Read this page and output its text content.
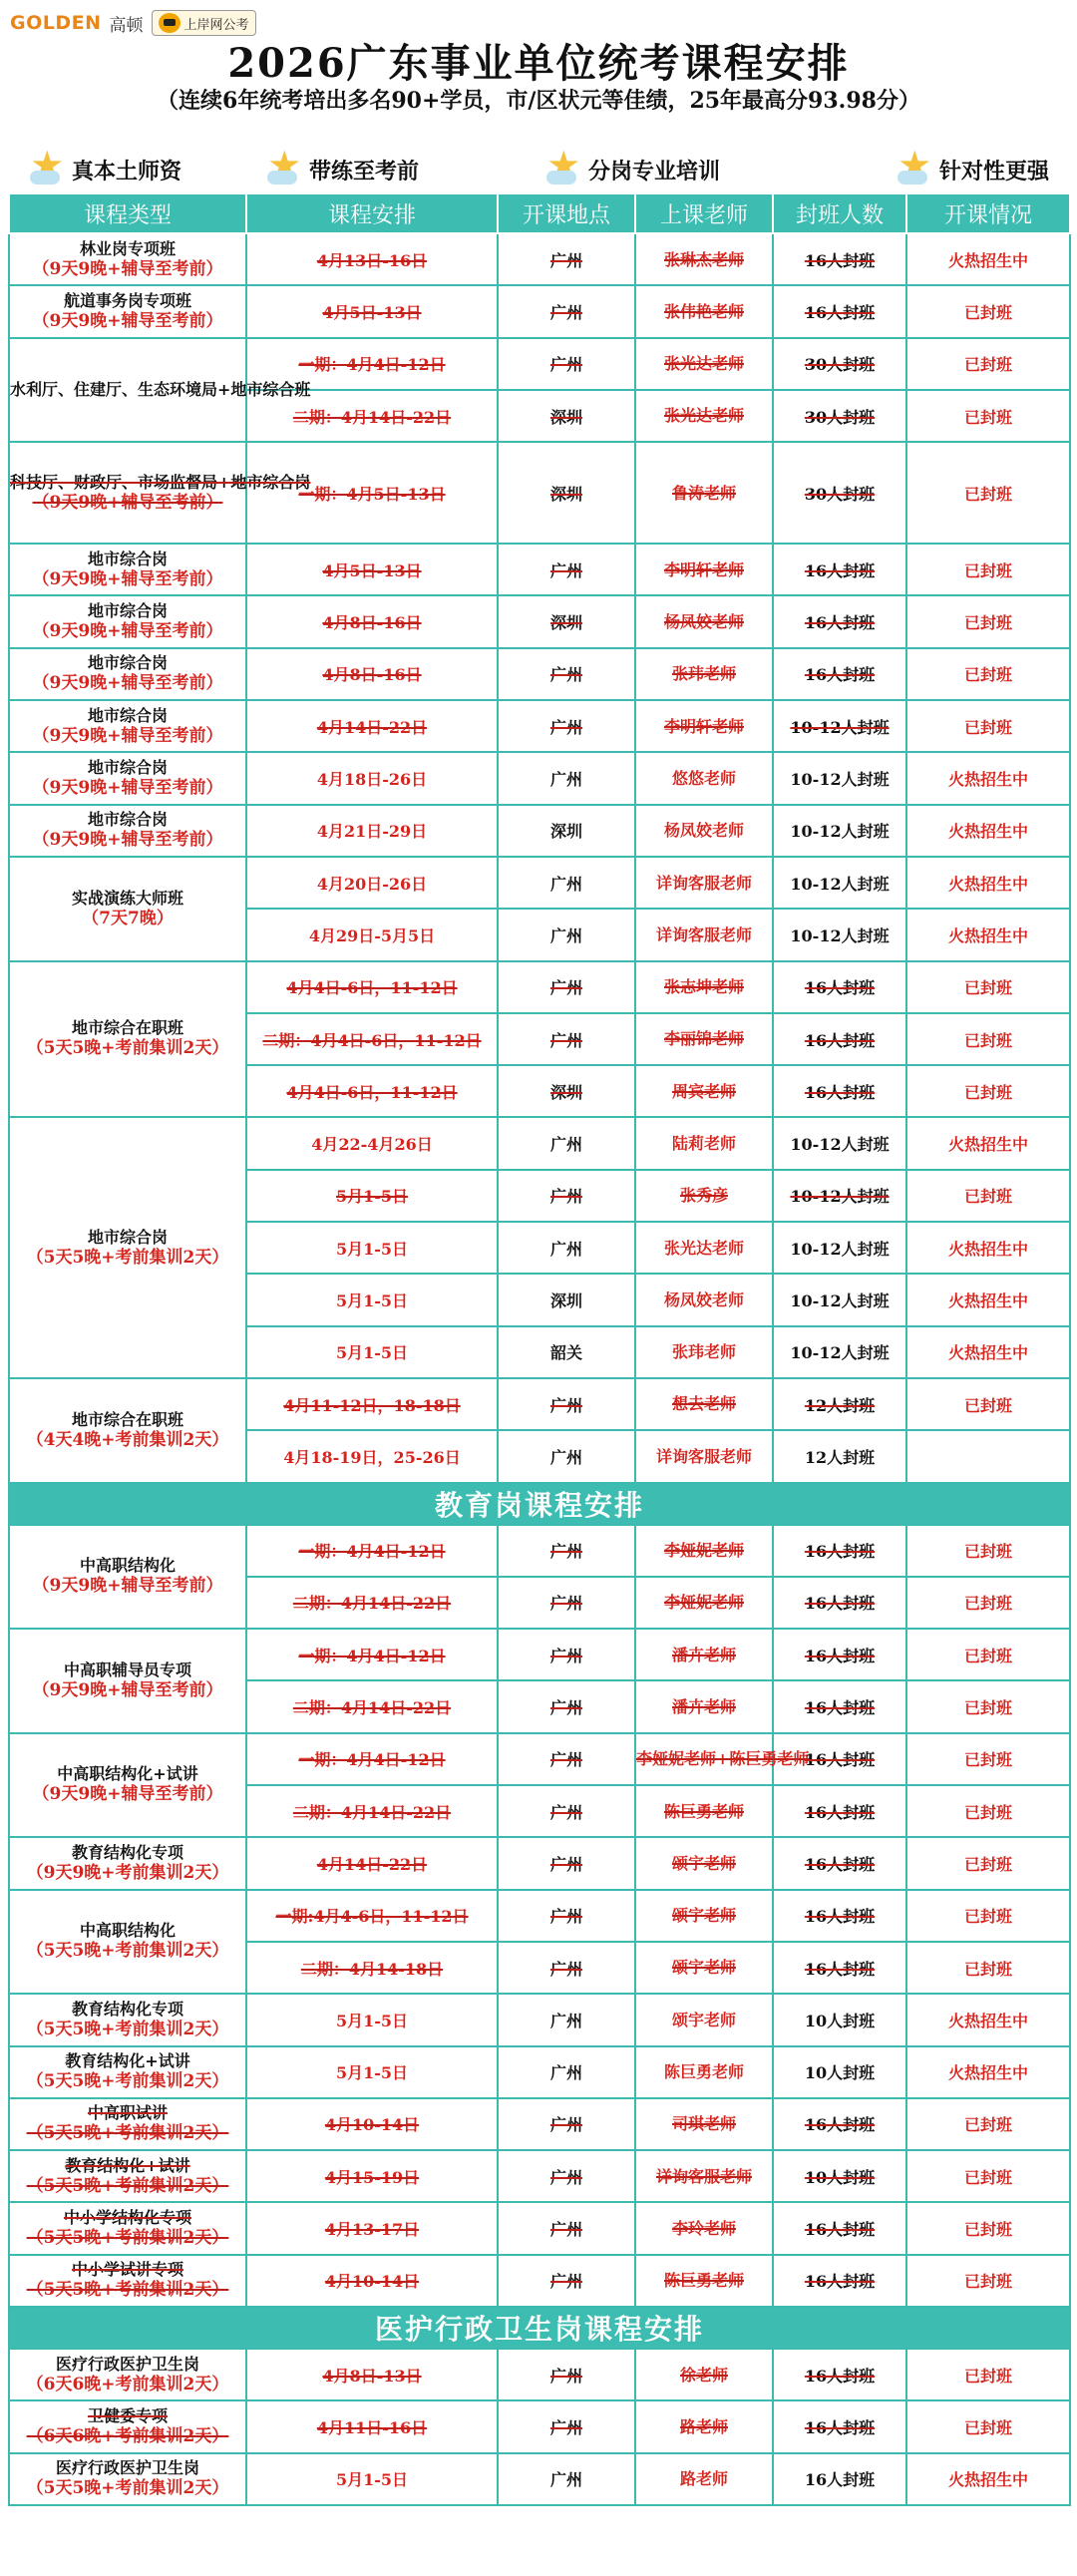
GOLDEN 高顿	上岸网公考
2026广东事业单位统考课程安排
（连续6年统考培出多名90+学员，市/区状元等佳绩，25年最高分93.98分）
★
真本土师资 ★	带练至考前 ★	分岗专业培训 ★	针对性更强
课程类型	课程安排	开课地点	上课老师	封班人数	开课情况

林业岗专项班
（9天9晚+辅导至考前）	4月13日-16日	广州	张琳杰老师	16人封班	火热招生中

航道事务岗专项班
（9天9晚+辅导至考前）	4月5日-13日	广州	张伟艳老师	16人封班	已封班

水利厅、住建厅、生态环境局+地市综合班	一期：4月4日-12日	广州	张光达老师	30人封班	已封班
	二期：4月14日-22日	深圳	张光达老师	30人封班	已封班

科技厅、财政厅、市场监督局+地市综合岗
（9天9晚+辅导至考前）	一期：4月5日-13日	深圳	鲁涛老师	30人封班	已封班

地市综合岗
（9天9晚+辅导至考前）	4月5日-13日	广州	李明轩老师	16人封班	已封班

地市综合岗
（9天9晚+辅导至考前）	4月8日-16日	深圳	杨凤姣老师	16人封班	已封班

地市综合岗
（9天9晚+辅导至考前）	4月8日-16日	广州	张玮老师	16人封班	已封班

地市综合岗
（9天9晚+辅导至考前）	4月14日-22日	广州	李明轩老师	10-12人封班	已封班

地市综合岗
（9天9晚+辅导至考前）	4月18日-26日	广州	悠悠老师	10-12人封班	火热招生中

地市综合岗
（9天9晚+辅导至考前）	4月21日-29日	深圳	杨凤姣老师	10-12人封班	火热招生中

实战演练大师班
（7天7晚）	4月20日-26日	广州	详询客服老师	10-12人封班	火热招生中
	4月29日-5月5日	广州	详询客服老师	10-12人封班	火热招生中

地市综合在职班
（5天5晚+考前集训2天）	4月4日-6日，11-12日	广州	张志坤老师	16人封班	已封班
	二期：4月4日-6日，11-12日	广州	李丽锦老师	16人封班	已封班
	4月4日-6日，11-12日	深圳	周宾老师	16人封班	已封班

地市综合岗
（5天5晚+考前集训2天）	4月22-4月26日	广州	陆莉老师	10-12人封班	火热招生中
	5月1-5日	广州	张秀彦	10-12人封班	已封班
	5月1-5日	广州	张光达老师	10-12人封班	火热招生中
	5月1-5日	深圳	杨凤姣老师	10-12人封班	火热招生中
	5月1-5日	韶关	张玮老师	10-12人封班	火热招生中

地市综合在职班
（4天4晚+考前集训2天）	4月11-12日，18-18日	广州	想去老师	12人封班	已封班
	4月18-19日，25-26日	广州	详询客服老师	12人封班	
教育岗课程安排					

中高职结构化
（9天9晚+辅导至考前）	一期：4月4日-12日	广州	李娅妮老师	16人封班	已封班
	二期：4月14日-22日	广州	李娅妮老师	16人封班	已封班

中高职辅导员专项
（9天9晚+辅导至考前）	一期：4月4日-12日	广州	潘卉老师	16人封班	已封班
	二期：4月14日-22日	广州	潘卉老师	16人封班	已封班

中高职结构化+试讲
（9天9晚+辅导至考前）	一期：4月4日-12日	广州	李娅妮老师+陈巨勇老师	16人封班	已封班
	二期：4月14日-22日	广州	陈巨勇老师	16人封班	已封班

教育结构化专项
（9天9晚+考前集训2天）	4月14日-22日	广州	颂宇老师	16人封班	已封班

中高职结构化
（5天5晚+考前集训2天）	一期:4月4-6日，11-12日	广州	颂宇老师	16人封班	已封班
	二期：4月14-18日	广州	颂宇老师	16人封班	已封班

教育结构化专项
（5天5晚+考前集训2天）	5月1-5日	广州	颂宇老师	10人封班	火热招生中

教育结构化+试讲
（5天5晚+考前集训2天）	5月1-5日	广州	陈巨勇老师	10人封班	火热招生中

中高职试讲
（5天5晚+考前集训2天）	4月10-14日	广州	司琪老师	16人封班	已封班

教育结构化+试讲
（5天5晚+考前集训2天）	4月15-19日	广州	详询客服老师	10人封班	已封班

中小学结构化专项
（5天5晚+考前集训2天）	4月13-17日	广州	李玲老师	16人封班	已封班

中小学试讲专项
（5天5晚+考前集训2天）	4月10-14日	广州	陈巨勇老师	16人封班	已封班
医护行政卫生岗课程安排					

医疗行政医护卫生岗
（6天6晚+考前集训2天）	4月8日-13日	广州	徐老师	16人封班	已封班

卫健委专项
（6天6晚+考前集训2天）	4月11日-16日	广州	路老师	16人封班	已封班

医疗行政医护卫生岗
（5天5晚+考前集训2天）	5月1-5日	广州	路老师	16人封班	火热招生中
